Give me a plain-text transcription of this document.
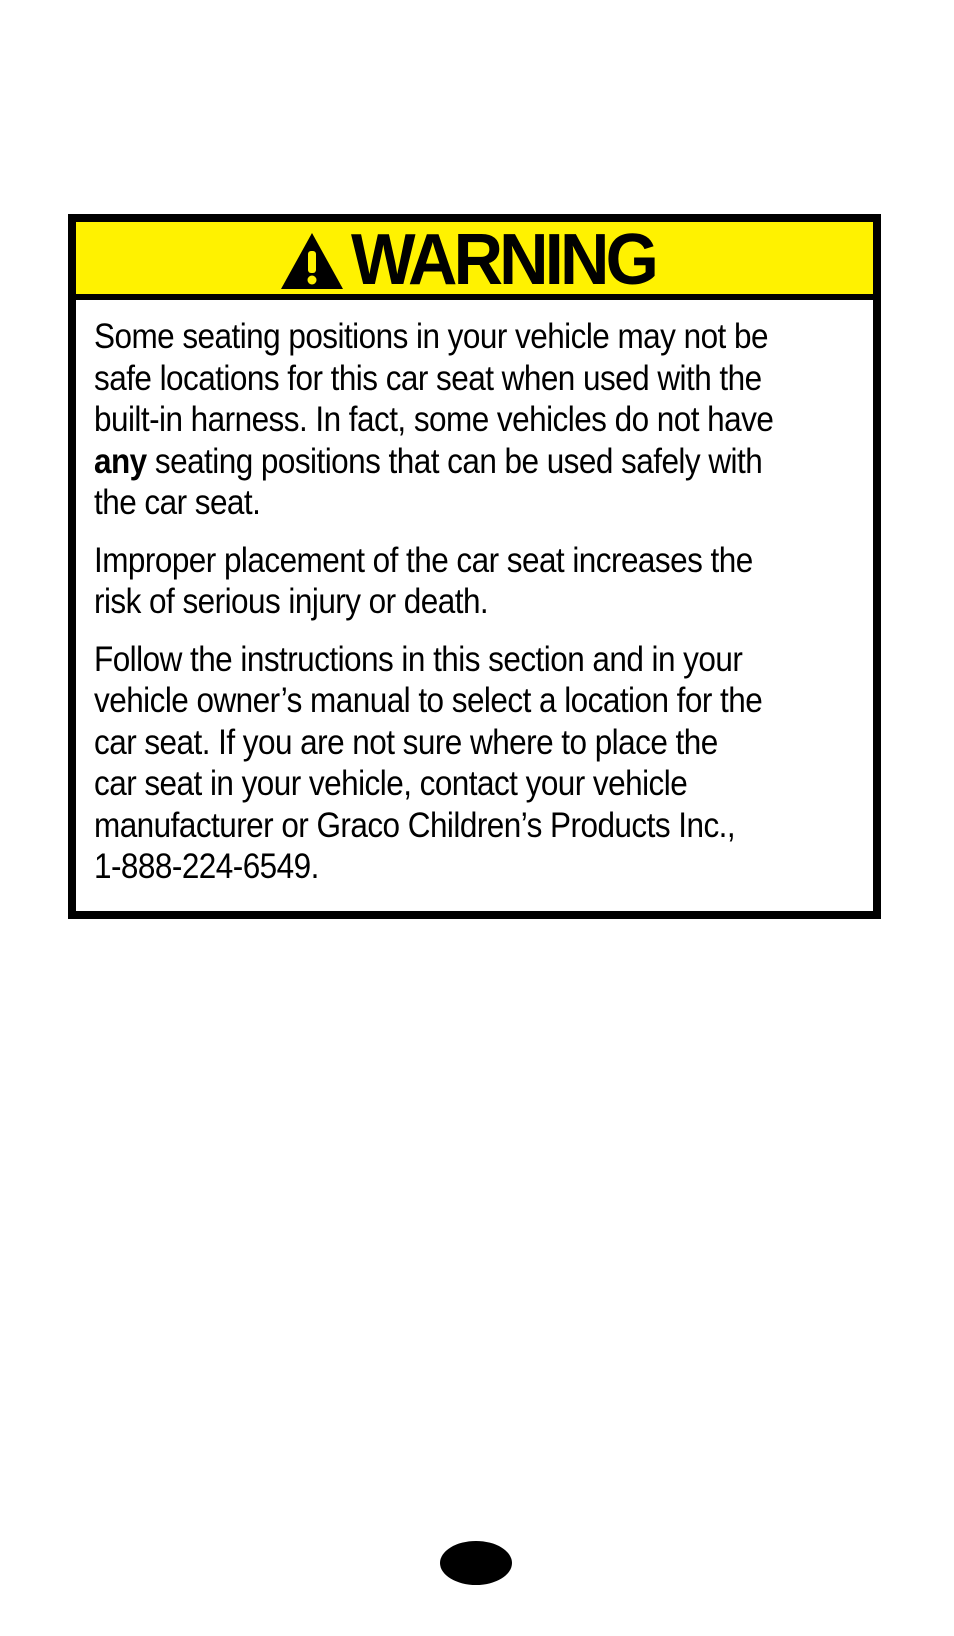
WARNING

Some seating positions in your vehicle may not be
safe locations for this car seat when used with the
built-in harness. In fact, some vehicles do not have
any seating positions that can be used safely with
the car seat.

Improper placement of the car seat increases the
risk of serious injury or death.

Follow the instructions in this section and in your
vehicle owner’s manual to select a location for the
car seat. If you are not sure where to place the
car seat in your vehicle, contact your vehicle
manufacturer or Graco Children’s Products Inc.,
1-888-224-6549.
